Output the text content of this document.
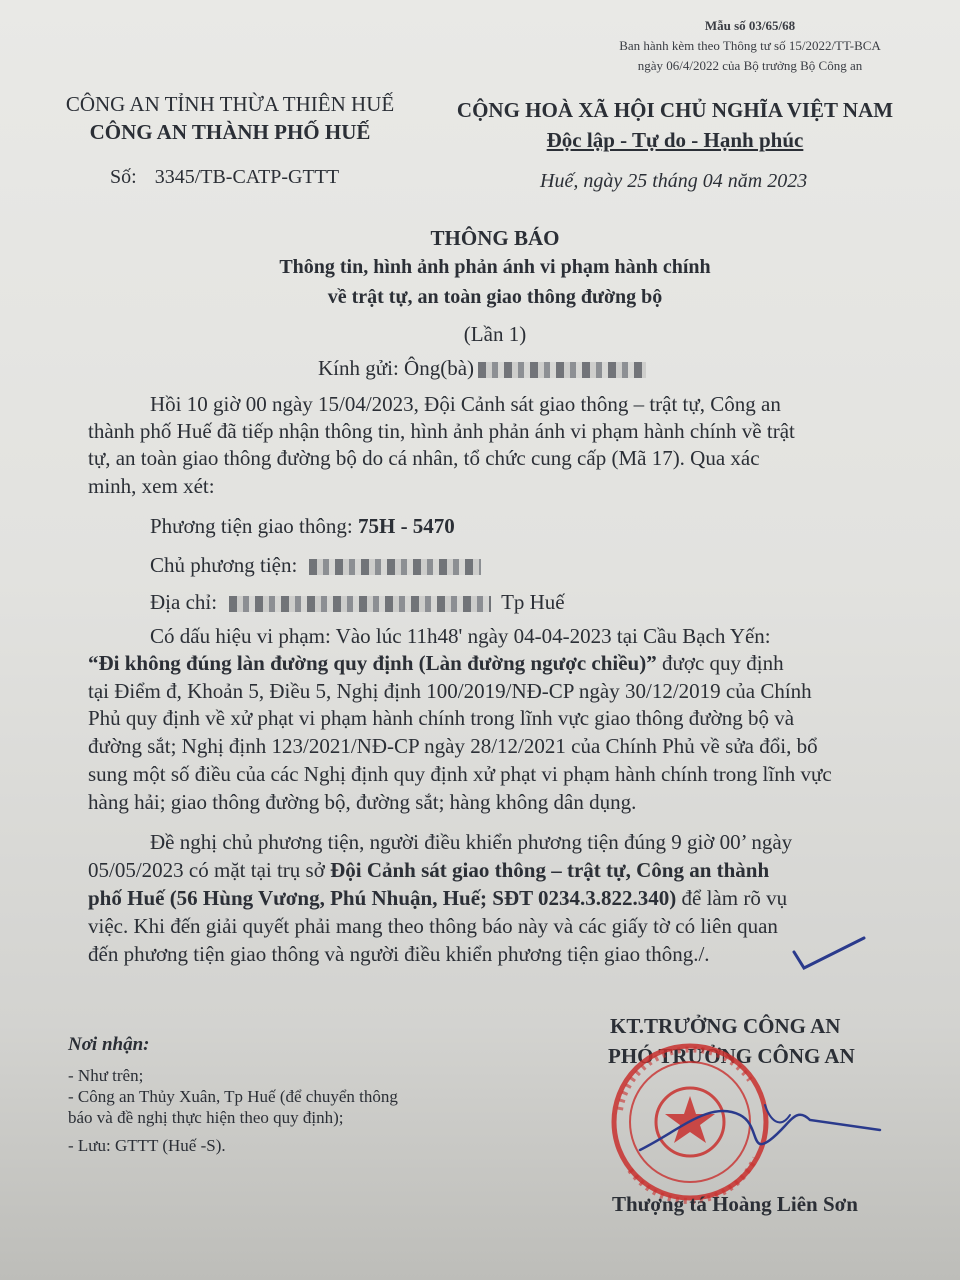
Mẫu số 03/65/68
Ban hành kèm theo Thông tư số 15/2022/TT-BCA
ngày 06/4/2022 của Bộ trưởng Bộ Công an
CÔNG AN TỈNH THỪA THIÊN HUẾ
CÔNG AN THÀNH PHỐ HUẾ
CỘNG HOÀ XÃ HỘI CHỦ NGHĨA VIỆT NAM
Độc lập - Tự do - Hạnh phúc
Số: 3345/TB-CATP-GTTT	Huế, ngày 25 tháng 04 năm 2023
THÔNG BÁO
Thông tin, hình ảnh phản ánh vi phạm hành chính
về trật tự, an toàn giao thông đường bộ
(Lần 1)
Kính gửi: Ông(bà)
Hồi 10 giờ 00 ngày 15/04/2023, Đội Cảnh sát giao thông – trật tự, Công an
thành phố Huế đã tiếp nhận thông tin, hình ảnh phản ánh vi phạm hành chính về trật
tự, an toàn giao thông đường bộ do cá nhân, tổ chức cung cấp (Mã 17). Qua xác
minh, xem xét:
Phương tiện giao thông: 75H - 5470
Chủ phương tiện:
Địa chỉ:	Tp Huế
Có dấu hiệu vi phạm: Vào lúc 11h48' ngày 04-04-2023 tại Cầu Bạch Yến:
“Đi không đúng làn đường quy định (Làn đường ngược chiều)” được quy định
tại Điểm đ, Khoản 5, Điều 5, Nghị định 100/2019/NĐ-CP ngày 30/12/2019 của Chính
Phủ quy định về xử phạt vi phạm hành chính trong lĩnh vực giao thông đường bộ và
đường sắt; Nghị định 123/2021/NĐ-CP ngày 28/12/2021 của Chính Phủ về sửa đổi, bổ
sung một số điều của các Nghị định quy định xử phạt vi phạm hành chính trong lĩnh vực
hàng hải; giao thông đường bộ, đường sắt; hàng không dân dụng.
Đề nghị chủ phương tiện, người điều khiển phương tiện đúng 9 giờ 00’ ngày
05/05/2023 có mặt tại trụ sở Đội Cảnh sát giao thông – trật tự, Công an thành
phố Huế (56 Hùng Vương, Phú Nhuận, Huế; SĐT 0234.3.822.340) để làm rõ vụ
việc. Khi đến giải quyết phải mang theo thông báo này và các giấy tờ có liên quan
đến phương tiện giao thông và người điều khiển phương tiện giao thông./.
Nơi nhận:
- Như trên;
- Công an Thủy Xuân, Tp Huế (để chuyển thông
báo và đề nghị thực hiện theo quy định);
- Lưu: GTTT (Huế -S).
KT.TRƯỞNG CÔNG AN
PHÓ TRƯỞNG CÔNG AN
Thượng tá Hoàng Liên Sơn
